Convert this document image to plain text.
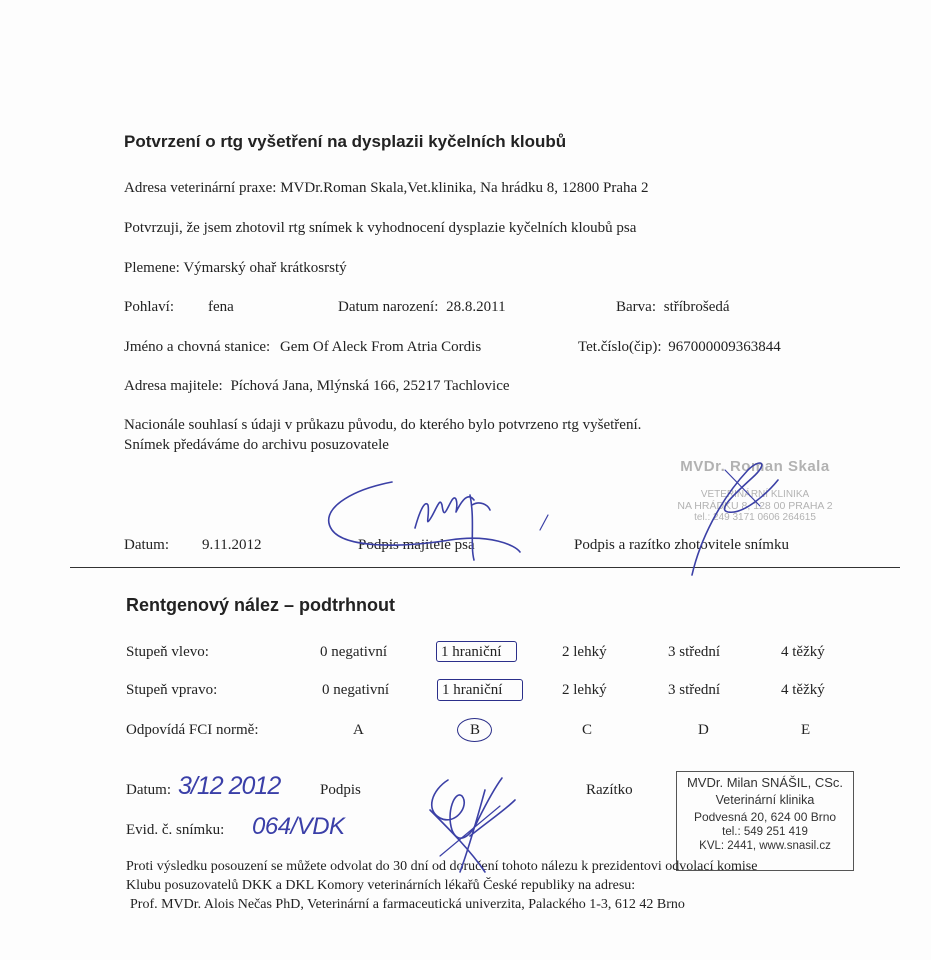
Potvrzení o rtg vyšetření na dysplazii kyčelních kloubů
Adresa veterinární praxe: MVDr.Roman Skala,Vet.klinika, Na hrádku 8, 12800 Praha 2
Potvrzuji, že jsem zhotovil rtg snímek k vyhodnocení dysplazie kyčelních kloubů psa
Plemene: Výmarský ohař krátkosrstý
Pohlaví: fena	Datum narození: 28.8.2011	Barva: stříbrošedá
Jméno a chovná stanice: Gem Of Aleck From Atria Cordis	Tet.číslo(čip): 967000009363844
Adresa majitele: Píchová Jana, Mlýnská 166, 25217 Tachlovice
Nacionále souhlasí s údaji v průkazu původu, do kterého bylo potvrzeno rtg vyšetření.
Snímek předáváme do archivu posuzovatele
MVDr. Roman Skala
VETERINÁRNÍ KLINIKA
NA HRÁDKU 8, 128 00 PRAHA 2
tel.: 249 3171 0606 264615
Datum: 9.11.2012	Podpis majitele psa	Podpis a razítko zhotovitele snímku
Rentgenový nález – podtrhnout
Stupeň vlevo:	0 negativní	1 hraniční	2 lehký	3 střední	4 těžký
Stupeň vpravo:	0 negativní	1 hraniční	2 lehký	3 střední	4 těžký
Odpovídá FCI normě:	A	B	C	D	E
Datum: 3/12 2012	Podpis	Razítko
Evid. č. snímku: 064/VDK
MVDr. Milan SNÁŠIL, CSc.
Veterinární klinika
Podvesná 20, 624 00 Brno
tel.: 549 251 419
KVL: 2441, www.snasil.cz
Proti výsledku posouzení se můžete odvolat do 30 dní od doručení tohoto nálezu k prezidentovi odvolací komise
Klubu posuzovatelů DKK a DKL Komory veterinárních lékařů České republiky na adresu:
Prof. MVDr. Alois Nečas PhD, Veterinární a farmaceutická univerzita, Palackého 1-3, 612 42 Brno
